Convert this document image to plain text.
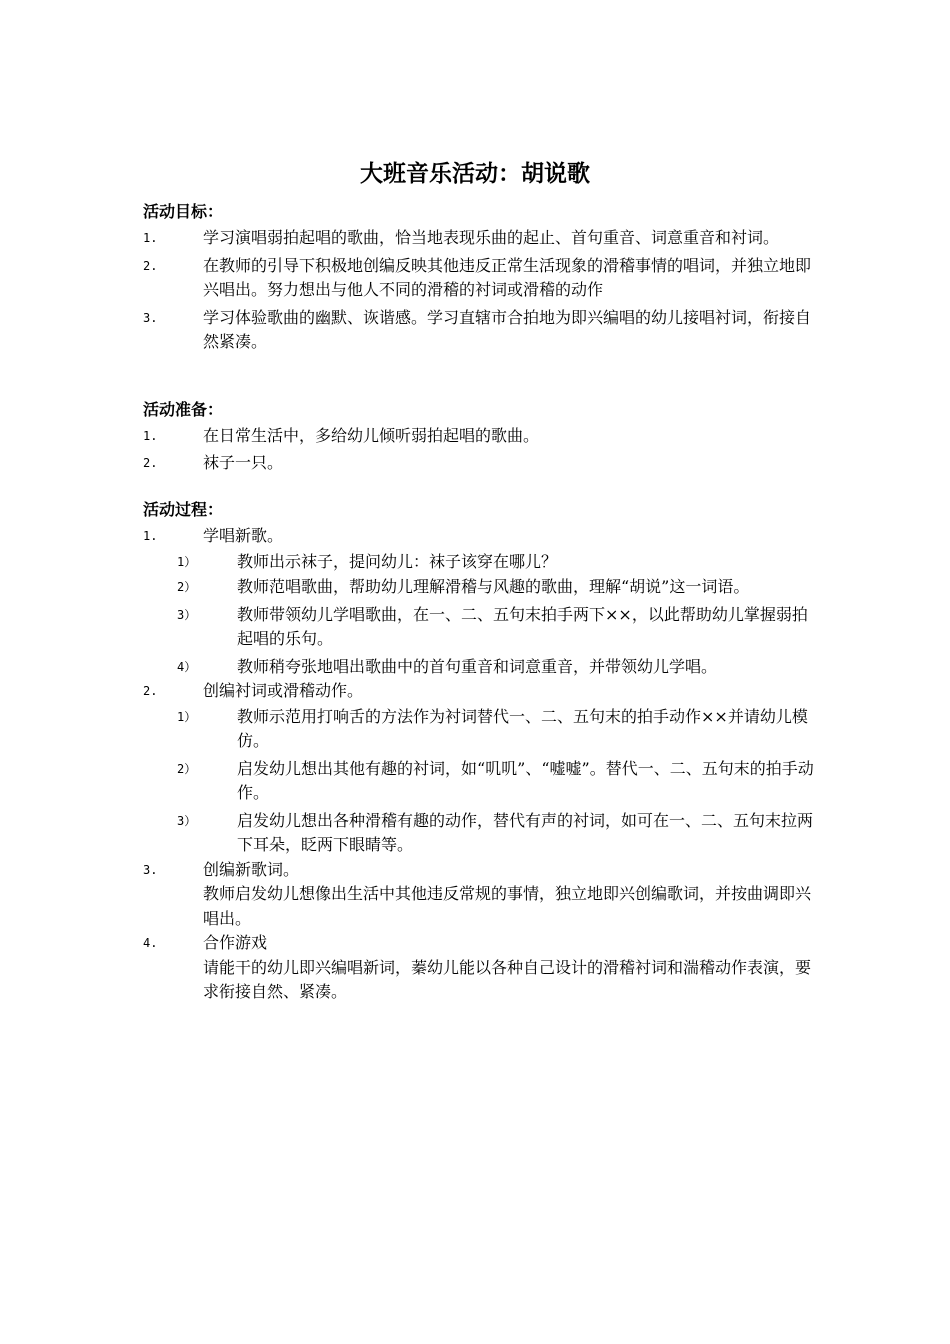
大班音乐活动：胡说歌
活动目标：
1.	学习演唱弱拍起唱的歌曲，恰当地表现乐曲的起止、首句重音、词意重音和衬词。
2.	在教师的引导下积极地创编反映其他违反正常生活现象的滑稽事情的唱词，并独立地即兴唱出。努力想出与他人不同的滑稽的衬词或滑稽的动作
3.	学习体验歌曲的幽默、诙谐感。学习直辖市合拍地为即兴编唱的幼儿接唱衬词，衔接自然紧凑。
活动准备：
1.	在日常生活中，多给幼儿倾听弱拍起唱的歌曲。
2.	袜子一只。
活动过程：
1.	学唱新歌。
1）	教师出示袜子，提问幼儿：袜子该穿在哪儿？
2）	教师范唱歌曲，帮助幼儿理解滑稽与风趣的歌曲，理解“胡说”这一词语。
3）	教师带领幼儿学唱歌曲，在一、二、五句末拍手两下××，以此帮助幼儿掌握弱拍起唱的乐句。
4）	教师稍夸张地唱出歌曲中的首句重音和词意重音，并带领幼儿学唱。
2.	创编衬词或滑稽动作。
1）	教师示范用打响舌的方法作为衬词替代一、二、五句末的拍手动作××并请幼儿模仿。
2）	启发幼儿想出其他有趣的衬词，如“叽叽”、“嘘嘘”。替代一、二、五句末的拍手动作。
3）	启发幼儿想出各种滑稽有趣的动作，替代有声的衬词，如可在一、二、五句末拉两下耳朵，眨两下眼睛等。
3.	创编新歌词。
教师启发幼儿想像出生活中其他违反常规的事情，独立地即兴创编歌词，并按曲调即兴唱出。
4.	合作游戏
请能干的幼儿即兴编唱新词，蓁幼儿能以各种自己设计的滑稽衬词和湍稽动作表演，要求衔接自然、紧凑。
